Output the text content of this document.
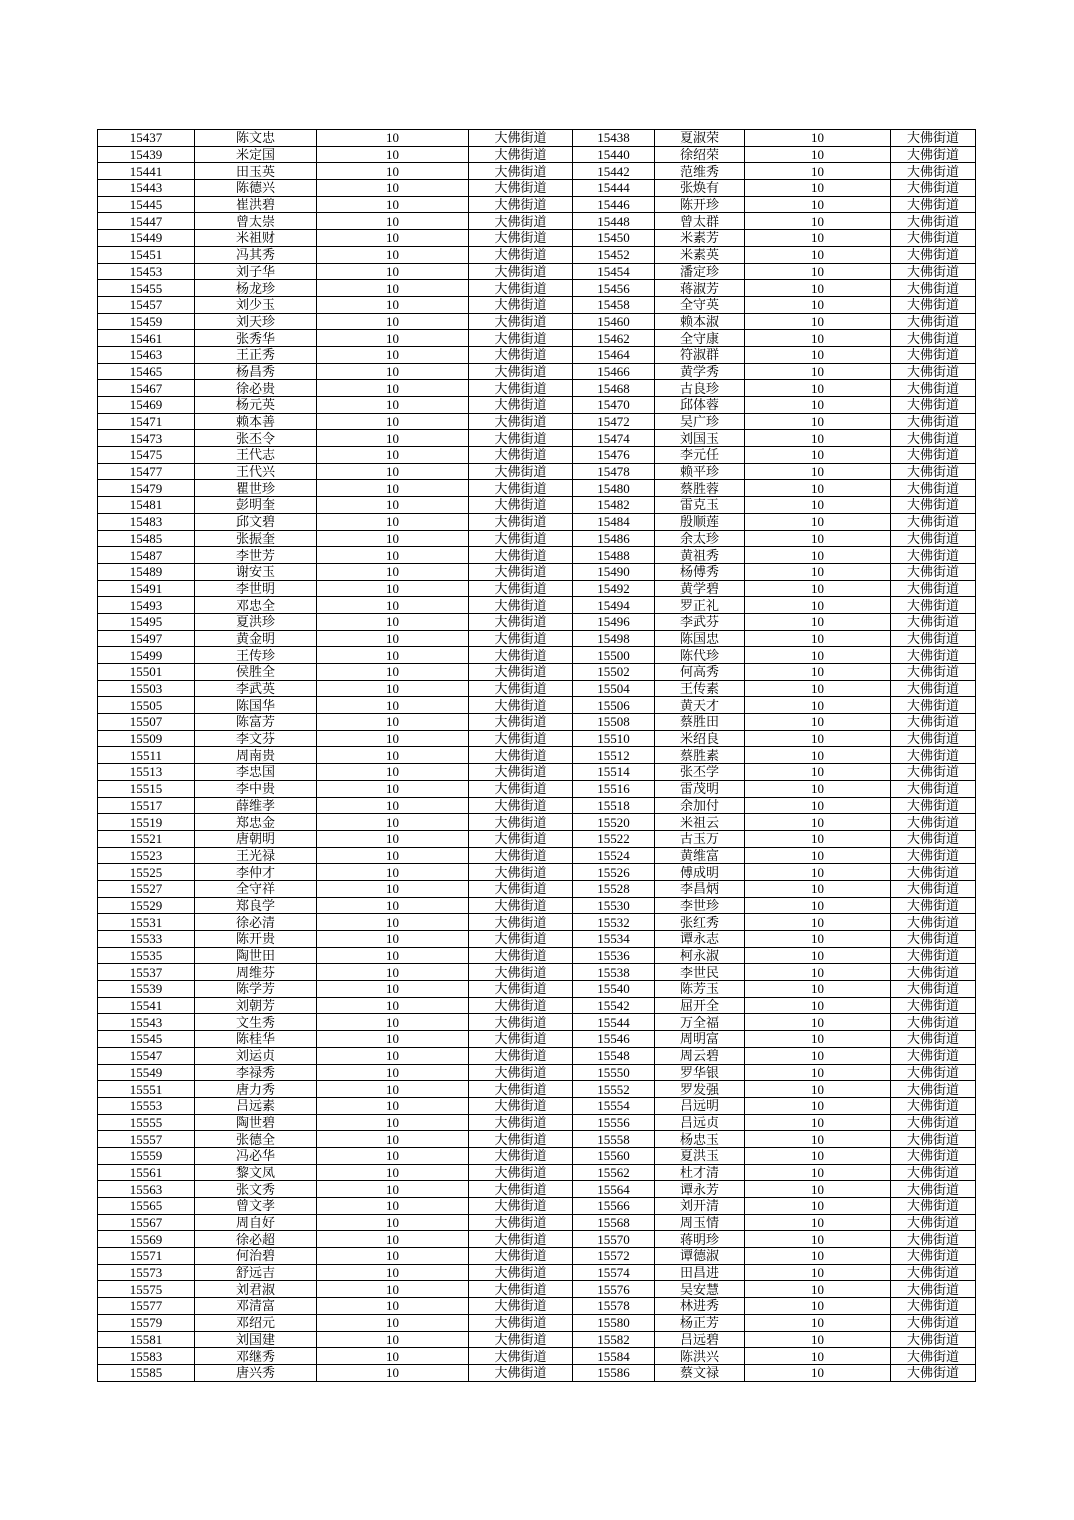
15437	陈文忠	10	大佛街道	15438	夏淑荣	10	大佛街道
15439	米定国	10	大佛街道	15440	徐绍荣	10	大佛街道
15441	田玉英	10	大佛街道	15442	范维秀	10	大佛街道
15443	陈德兴	10	大佛街道	15444	张焕有	10	大佛街道
15445	崔洪碧	10	大佛街道	15446	陈开珍	10	大佛街道
15447	曾太崇	10	大佛街道	15448	曾太群	10	大佛街道
15449	米祖财	10	大佛街道	15450	米素芳	10	大佛街道
15451	冯其秀	10	大佛街道	15452	米素英	10	大佛街道
15453	刘子华	10	大佛街道	15454	潘定珍	10	大佛街道
15455	杨龙珍	10	大佛街道	15456	蒋淑芳	10	大佛街道
15457	刘少玉	10	大佛街道	15458	全守英	10	大佛街道
15459	刘天珍	10	大佛街道	15460	赖本淑	10	大佛街道
15461	张秀华	10	大佛街道	15462	全守康	10	大佛街道
15463	王正秀	10	大佛街道	15464	符淑群	10	大佛街道
15465	杨昌秀	10	大佛街道	15466	黄学秀	10	大佛街道
15467	徐必贵	10	大佛街道	15468	古良珍	10	大佛街道
15469	杨元英	10	大佛街道	15470	邱体蓉	10	大佛街道
15471	赖本善	10	大佛街道	15472	吴广珍	10	大佛街道
15473	张丕令	10	大佛街道	15474	刘国玉	10	大佛街道
15475	王代志	10	大佛街道	15476	李元任	10	大佛街道
15477	王代兴	10	大佛街道	15478	赖平珍	10	大佛街道
15479	瞿世珍	10	大佛街道	15480	蔡胜蓉	10	大佛街道
15481	彭明奎	10	大佛街道	15482	雷克玉	10	大佛街道
15483	邱文碧	10	大佛街道	15484	殷顺莲	10	大佛街道
15485	张振奎	10	大佛街道	15486	余太珍	10	大佛街道
15487	李世芳	10	大佛街道	15488	黄祖秀	10	大佛街道
15489	谢安玉	10	大佛街道	15490	杨傅秀	10	大佛街道
15491	李世明	10	大佛街道	15492	黄学碧	10	大佛街道
15493	邓忠全	10	大佛街道	15494	罗正礼	10	大佛街道
15495	夏洪珍	10	大佛街道	15496	李武芬	10	大佛街道
15497	黄金明	10	大佛街道	15498	陈国忠	10	大佛街道
15499	王传珍	10	大佛街道	15500	陈代珍	10	大佛街道
15501	侯胜全	10	大佛街道	15502	何高秀	10	大佛街道
15503	李武英	10	大佛街道	15504	王传素	10	大佛街道
15505	陈国华	10	大佛街道	15506	黄天才	10	大佛街道
15507	陈富芳	10	大佛街道	15508	蔡胜田	10	大佛街道
15509	李文芬	10	大佛街道	15510	米绍良	10	大佛街道
15511	周南贵	10	大佛街道	15512	蔡胜素	10	大佛街道
15513	李忠国	10	大佛街道	15514	张丕学	10	大佛街道
15515	李中贵	10	大佛街道	15516	雷茂明	10	大佛街道
15517	薛维孝	10	大佛街道	15518	余加付	10	大佛街道
15519	郑忠金	10	大佛街道	15520	米祖云	10	大佛街道
15521	唐朝明	10	大佛街道	15522	古玉万	10	大佛街道
15523	王光禄	10	大佛街道	15524	黄维富	10	大佛街道
15525	李仲才	10	大佛街道	15526	傅成明	10	大佛街道
15527	全守祥	10	大佛街道	15528	李昌炳	10	大佛街道
15529	郑良学	10	大佛街道	15530	李世珍	10	大佛街道
15531	徐必清	10	大佛街道	15532	张红秀	10	大佛街道
15533	陈开贵	10	大佛街道	15534	谭永志	10	大佛街道
15535	陶世田	10	大佛街道	15536	柯永淑	10	大佛街道
15537	周维芬	10	大佛街道	15538	李世民	10	大佛街道
15539	陈学芳	10	大佛街道	15540	陈芳玉	10	大佛街道
15541	刘朝芳	10	大佛街道	15542	屈开全	10	大佛街道
15543	文生秀	10	大佛街道	15544	万全福	10	大佛街道
15545	陈桂华	10	大佛街道	15546	周明富	10	大佛街道
15547	刘运贞	10	大佛街道	15548	周云碧	10	大佛街道
15549	李禄秀	10	大佛街道	15550	罗华银	10	大佛街道
15551	唐力秀	10	大佛街道	15552	罗发强	10	大佛街道
15553	吕远素	10	大佛街道	15554	吕远明	10	大佛街道
15555	陶世碧	10	大佛街道	15556	吕远贞	10	大佛街道
15557	张德全	10	大佛街道	15558	杨忠玉	10	大佛街道
15559	冯必华	10	大佛街道	15560	夏洪玉	10	大佛街道
15561	黎文凤	10	大佛街道	15562	杜才清	10	大佛街道
15563	张文秀	10	大佛街道	15564	谭永芳	10	大佛街道
15565	曾文孝	10	大佛街道	15566	刘开清	10	大佛街道
15567	周自好	10	大佛街道	15568	周玉情	10	大佛街道
15569	徐必超	10	大佛街道	15570	蒋明珍	10	大佛街道
15571	何治碧	10	大佛街道	15572	谭德淑	10	大佛街道
15573	舒远吉	10	大佛街道	15574	田昌进	10	大佛街道
15575	刘君淑	10	大佛街道	15576	吴安慧	10	大佛街道
15577	邓清富	10	大佛街道	15578	林进秀	10	大佛街道
15579	邓绍元	10	大佛街道	15580	杨正芳	10	大佛街道
15581	刘国建	10	大佛街道	15582	吕远碧	10	大佛街道
15583	邓继秀	10	大佛街道	15584	陈洪兴	10	大佛街道
15585	唐兴秀	10	大佛街道	15586	蔡文禄	10	大佛街道
